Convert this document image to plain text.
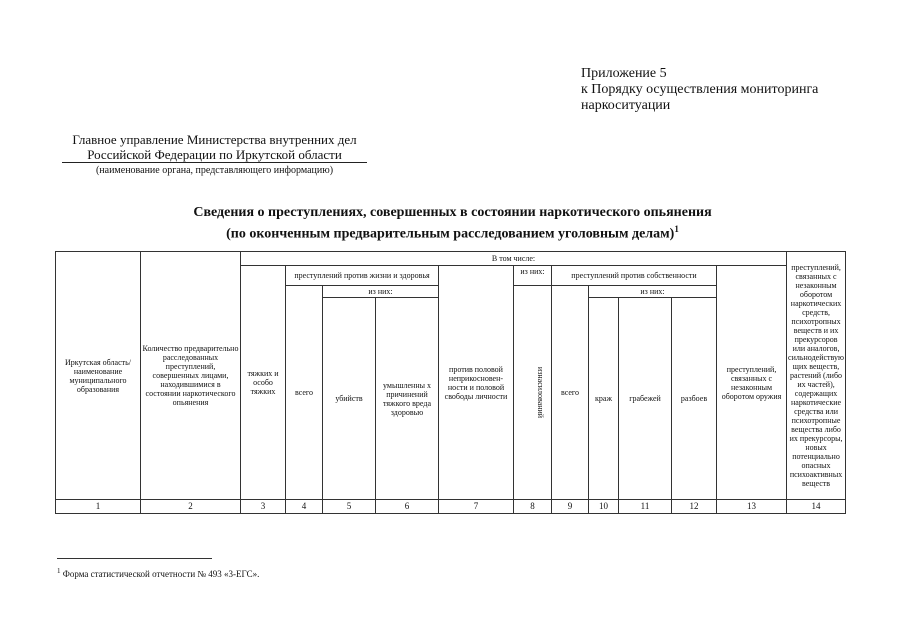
Приложение 5
к Порядку осуществления мониторинга
наркоситуации
Главное управление Министерства внутренних дел
Российской Федерации по Иркутской области
(наименование органа, представляющего информацию)
Сведения о преступлениях, совершенных в состоянии наркотического опьянения
(по оконченным предварительным расследованием уголовным делам)$^1$
Иркутская область/ наименование муниципального образования	Количество предварительно расследованных преступлений, совершенных лицами, находившимися в состоянии наркотического опьянения	В том числе:											преступлений, связанных с незаконным оборотом наркотических средств, психотропных веществ и их прекурсоров или аналогов, сильнодействую щих веществ, растений (либо их частей), содержащих наркотические средства или психотропные вещества либо их прекурсоры, новых потенциально опасных психоактивных веществ
		тяжких и особо тяжких	преступлений против жизни и здоровья			против половой неприкосновен-ности и половой свободы личности	из них:	преступлений против собственности				преступлений, связанных с незаконным оборотом оружия	
			всего	из них:			изнасилований	всего	из них:				
				убийств	умышленны х причинений тяжкого вреда здоровью				краж	грабежей	разбоев		
1	2	3	4	5	6	7	8	9	10	11	12	13	14
$^1$ Форма статистической отчетности № 493 «3-ЕГС».
